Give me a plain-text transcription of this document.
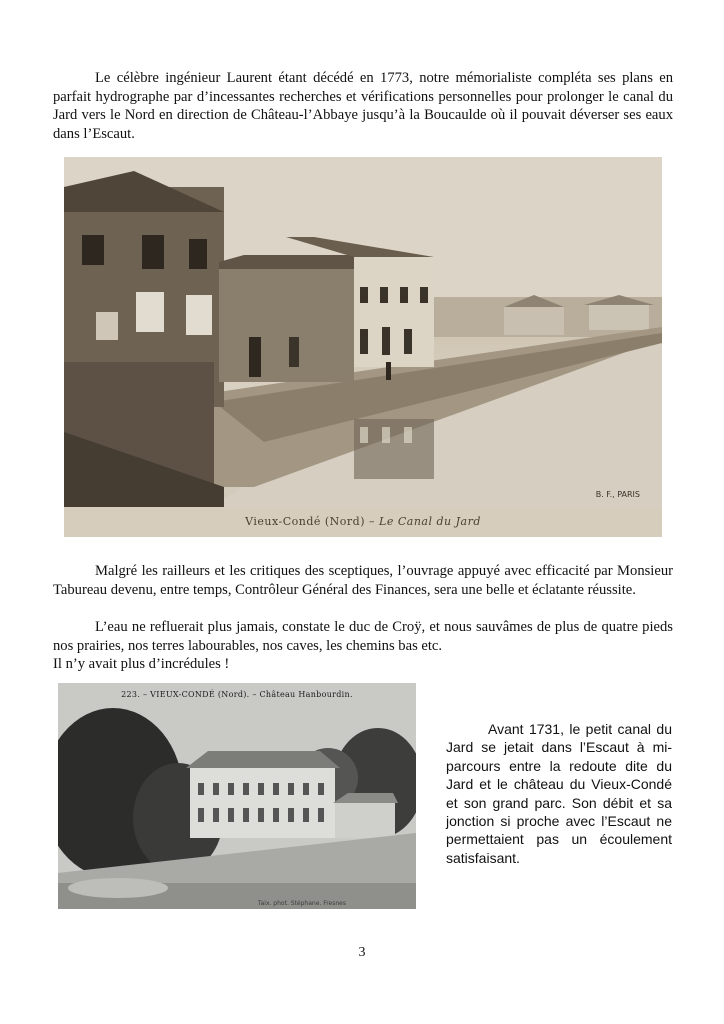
Le célèbre ingénieur Laurent étant décédé en 1773, notre mémorialiste compléta ses plans en parfait hydrographe par d’incessantes recherches et vérifications personnelles pour prolonger le canal du Jard vers le Nord en direction de Château-l’Abbaye jusqu’à la Boucaulde où il pouvait déverser ses eaux dans l’Escaut.

B. F., PARIS
Vieux-Condé (Nord) – Le Canal du Jard

Malgré les railleurs et les critiques des sceptiques, l’ouvrage appuyé avec efficacité par Monsieur Tabureau devenu, entre temps, Contrôleur Général des Finances, sera une belle et éclatante réussite.

L’eau ne refluerait plus jamais, constate le duc de Croÿ, et nous sauvâmes de plus de quatre pieds nos prairies, nos terres labourables, nos caves, les chemins bas etc.

Il n’y avait plus d’incrédules !

223. – VIEUX-CONDÉ (Nord). – Château Hanbourdin.
Taix. phot. Stéphane. Fresnes

Avant 1731, le petit canal du Jard se jetait dans l’Escaut à mi-parcours entre la redoute dite du Jard et le château du Vieux-Condé et son grand parc. Son débit et sa jonction si proche avec l’Escaut ne permettaient pas un écoulement satisfaisant.

3
